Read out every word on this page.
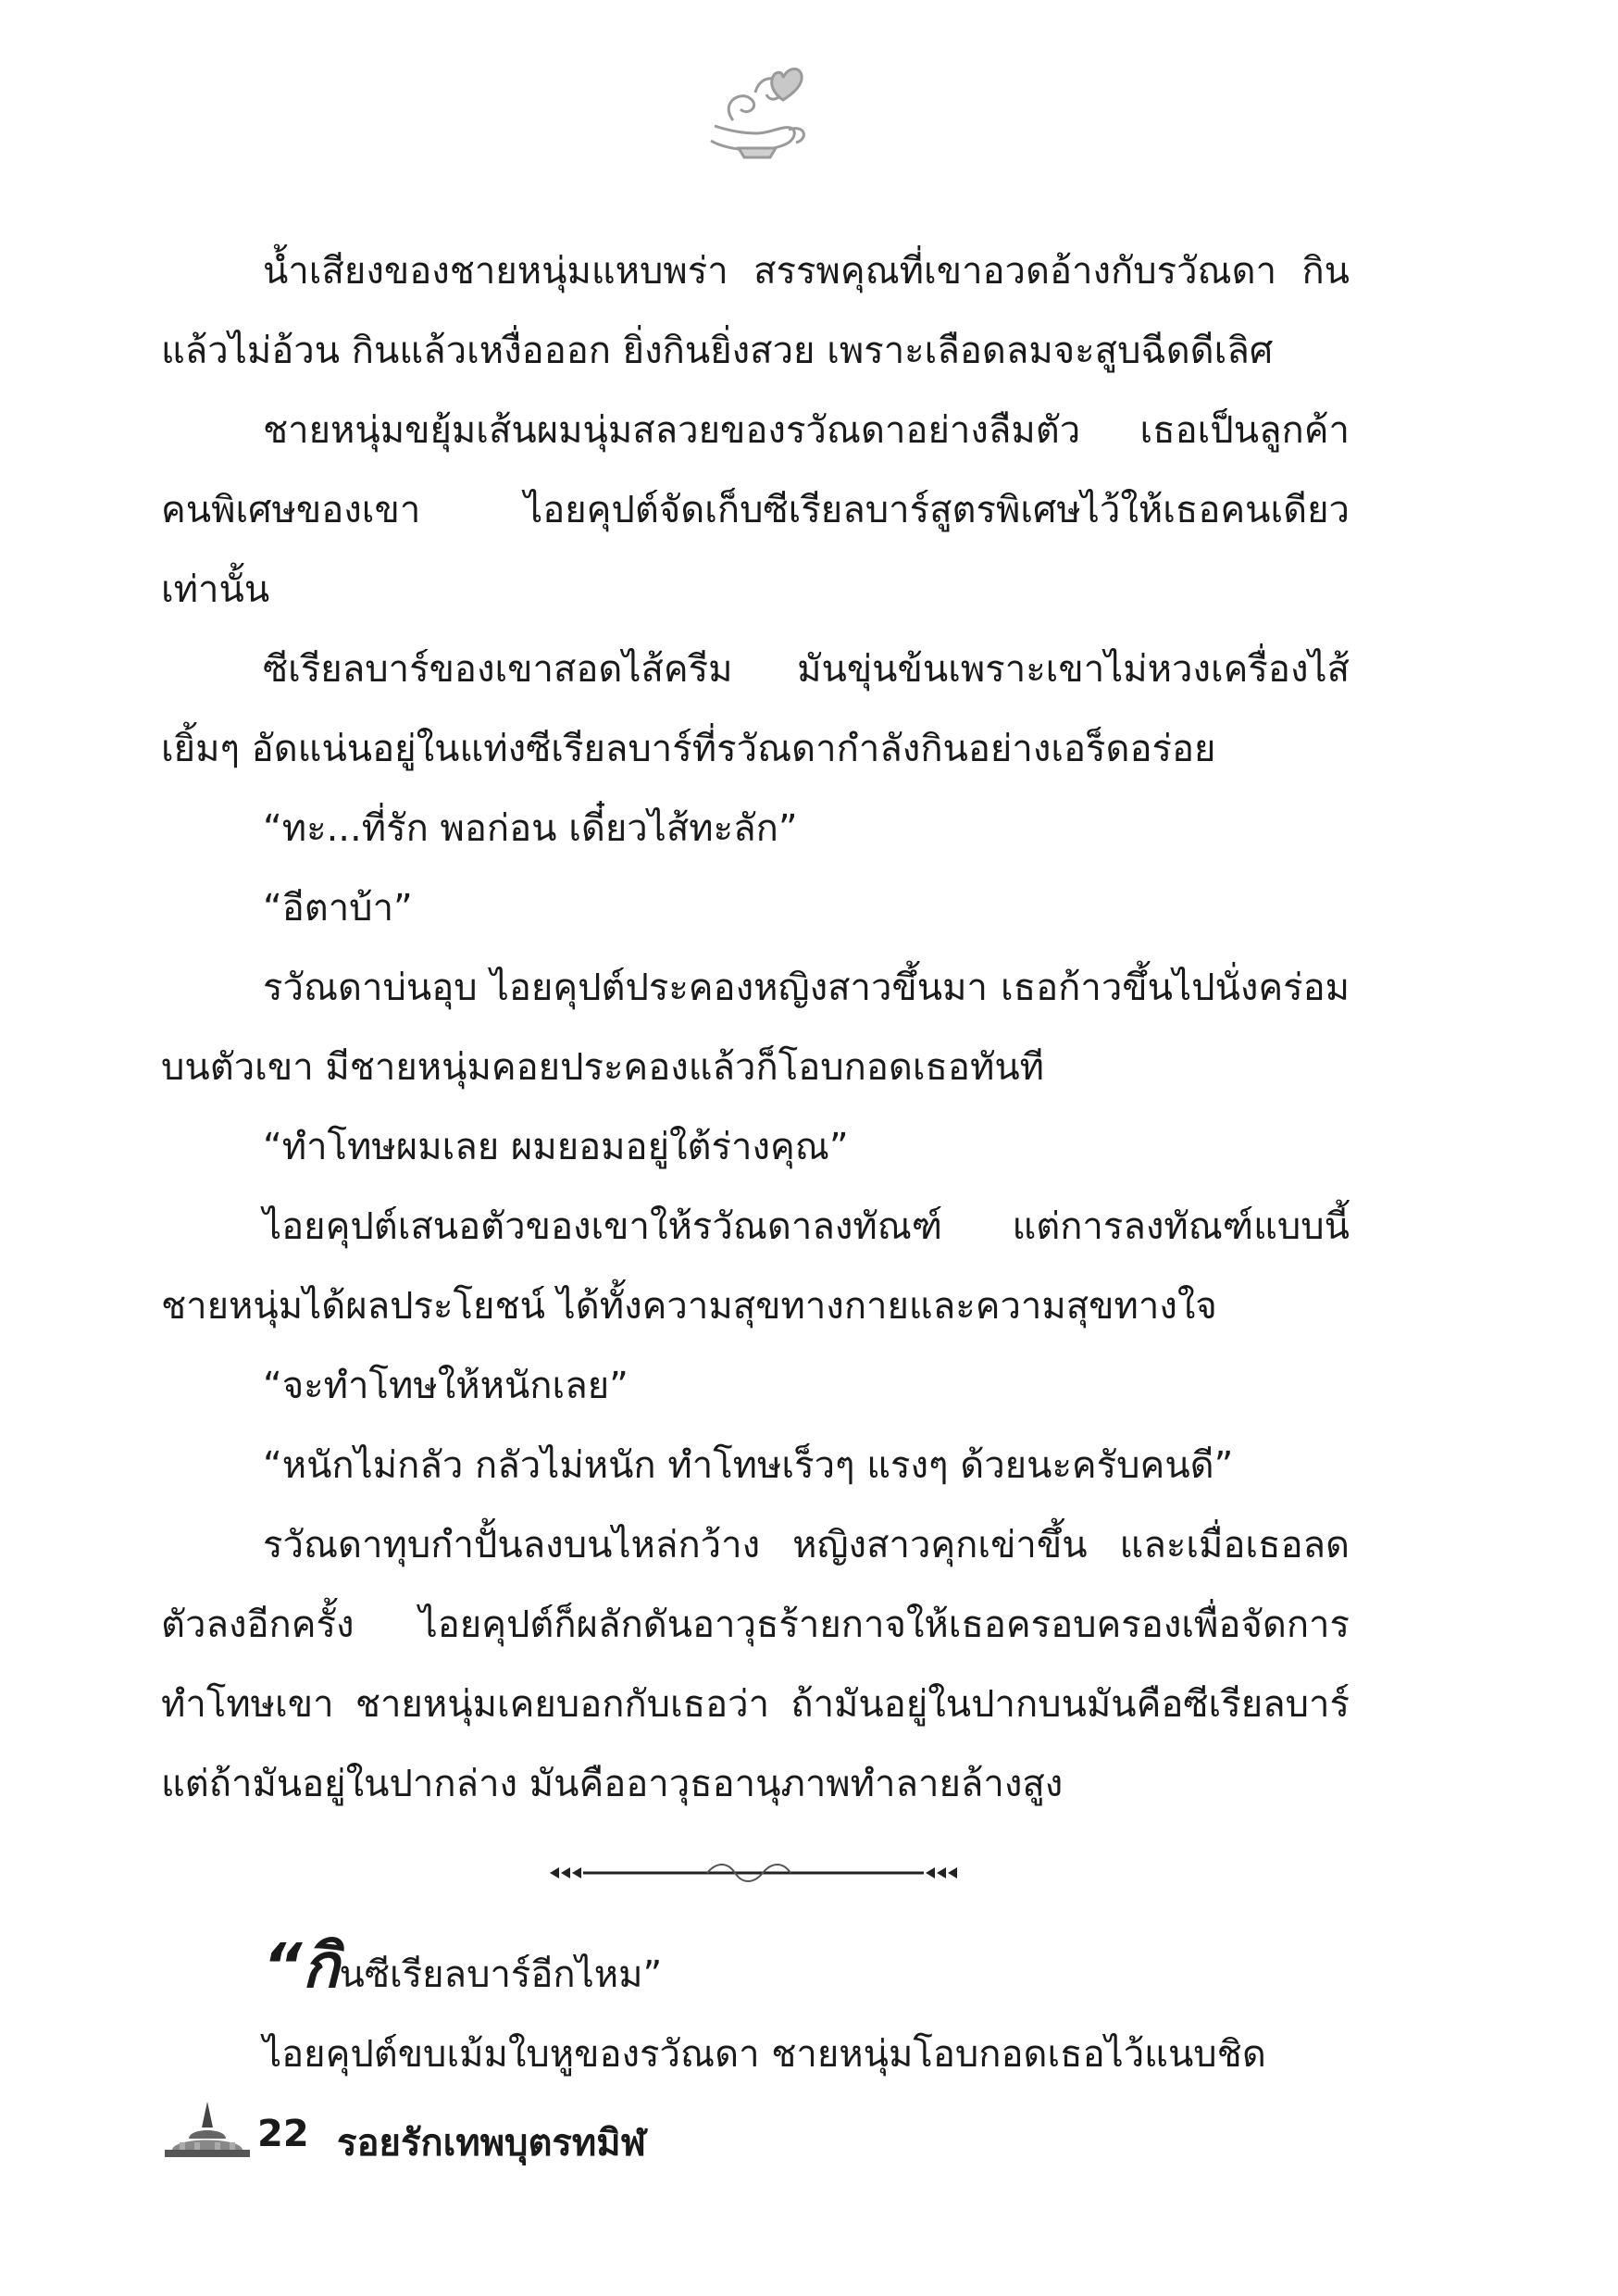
น้ำเสียงของชายหนุ่มแหบพร่า สรรพคุณที่เขาอวดอ้างกับรวัณดา กินแล้วไม่อ้วน กินแล้วเหงื่อออก ยิ่งกินยิ่งสวย เพราะเลือดลมจะสูบฉีดดีเลิศ

ชายหนุ่มขยุ้มเส้นผมนุ่มสลวยของรวัณดาอย่างลืมตัว เธอเป็นลูกค้าคนพิเศษของเขา ไอยคุปต์จัดเก็บซีเรียลบาร์สูตรพิเศษไว้ให้เธอคนเดียวเท่านั้น

ซีเรียลบาร์ของเขาสอดไส้ครีม มันขุ่นข้นเพราะเขาไม่หวงเครื่องไส้เยิ้มๆ อัดแน่นอยู่ในแท่งซีเรียลบาร์ที่รวัณดากำลังกินอย่างเอร็ดอร่อย

“ทะ...ที่รัก พอก่อน เดี๋ยวไส้ทะลัก”

“อีตาบ้า”

รวัณดาบ่นอุบ ไอยคุปต์ประคองหญิงสาวขึ้นมา เธอก้าวขึ้นไปนั่งคร่อมบนตัวเขา มีชายหนุ่มคอยประคองแล้วก็โอบกอดเธอทันที

“ทำโทษผมเลย ผมยอมอยู่ใต้ร่างคุณ”

ไอยคุปต์เสนอตัวของเขาให้รวัณดาลงทัณฑ์ แต่การลงทัณฑ์แบบนี้ ชายหนุ่มได้ผลประโยชน์ ได้ทั้งความสุขทางกายและความสุขทางใจ

“จะทำโทษให้หนักเลย”

“หนักไม่กลัว กลัวไม่หนัก ทำโทษเร็วๆ แรงๆ ด้วยนะครับคนดี”

รวัณดาทุบกำปั้นลงบนไหล่กว้าง หญิงสาวคุกเข่าขึ้น และเมื่อเธอลดตัวลงอีกครั้ง ไอยคุปต์ก็ผลักดันอาวุธร้ายกาจให้เธอครอบครองเพื่อจัดการทำโทษเขา ชายหนุ่มเคยบอกกับเธอว่า ถ้ามันอยู่ในปากบนมันคือซีเรียลบาร์ แต่ถ้ามันอยู่ในปากล่าง มันคืออาวุธอานุภาพทำลายล้างสูง

“กินซีเรียลบาร์อีกไหม”

ไอยคุปต์ขบเม้มใบหูของรวัณดา ชายหนุ่มโอบกอดเธอไว้แนบชิด

22 รอยรักเทพบุตรทมิฬ
